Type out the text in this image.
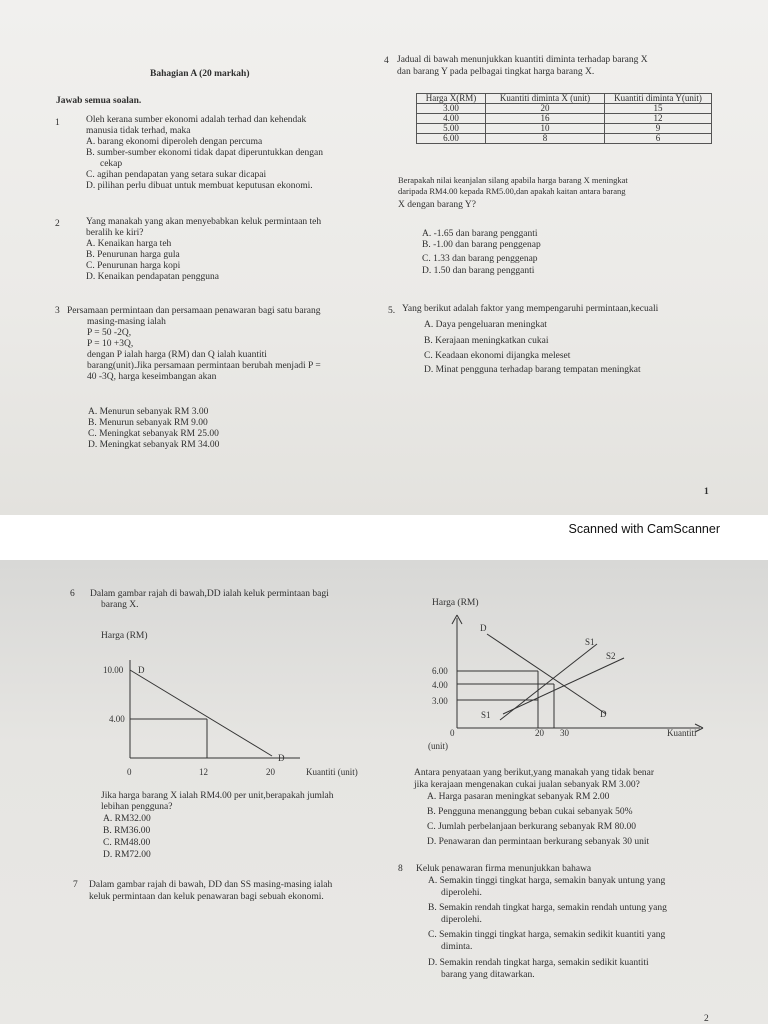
Bahagian A (20 markah)
Jawab semua soalan.
1	Oleh kerana sumber ekonomi adalah terhad dan kehendak
manusia tidak terhad, maka
A. barang ekonomi diperoleh dengan percuma
B. sumber-sumber ekonomi tidak dapat diperuntukkan dengan
cekap
C. agihan pendapatan yang setara sukar dicapai
D. pilihan perlu dibuat untuk membuat keputusan ekonomi.
2	Yang manakah yang akan menyebabkan keluk permintaan teh
beralih ke kiri?
A. Kenaikan harga teh
B. Penurunan harga gula
C. Penurunan harga kopi
D. Kenaikan pendapatan pengguna
3 Persamaan permintaan dan persamaan penawaran bagi satu barang
masing-masing ialah
P = 50 -2Q,
P = 10 +3Q,
dengan P ialah harga (RM) dan Q ialah kuantiti
barang(unit).Jika persamaan permintaan berubah menjadi P =
40 -3Q, harga keseimbangan akan
A. Menurun sebanyak RM 3.00
B. Menurun sebanyak RM 9.00
C. Meningkat sebanyak RM 25.00
D. Meningkat sebanyak RM 34.00
4 Jadual di bawah menunjukkan kuantiti diminta terhadap barang X
dan barang Y pada pelbagai tingkat harga barang X.
Harga X(RM)	Kuantiti diminta X (unit)	Kuantiti diminta Y(unit)
3.00	20	15
4.00	16	12
5.00	10	9
6.00	8	6
Berapakah nilai keanjalan silang apabila harga barang X meningkat
daripada RM4.00 kepada RM5.00,dan apakah kaitan antara barang
X dengan barang Y?
A. -1.65 dan barang pengganti
B. -1.00 dan barang penggenap
C. 1.33 dan barang penggenap
D. 1.50 dan barang pengganti
5. Yang berikut adalah faktor yang mempengaruhi permintaan,kecuali
A. Daya pengeluaran meningkat
B. Kerajaan meningkatkan cukai
C. Keadaan ekonomi dijangka meleset
D. Minat pengguna terhadap barang tempatan meningkat
1
Scanned with CamScanner
6 Dalam gambar rajah di bawah,DD ialah keluk permintaan bagi
barang X.
Harga (RM)
10.00
4.00
D
D
0	12	20	Kuantiti (unit)
Harga (RM)
6.00
4.00
3.00
D
D
S1
S2
S1
0	20 30	Kuantiti
(unit)
Jika harga barang X ialah RM4.00 per unit,berapakah jumlah
lebihan pengguna?
A. RM32.00
B. RM36.00
C. RM48.00
D. RM72.00
Antara penyataan yang berikut,yang manakah yang tidak benar
jika kerajaan mengenakan cukai jualan sebanyak RM 3.00?
A. Harga pasaran meningkat sebanyak RM 2.00
B. Pengguna menanggung beban cukai sebanyak 50%
C. Jumlah perbelanjaan berkurang sebanyak RM 80.00
D. Penawaran dan permintaan berkurang sebanyak 30 unit
7 Dalam gambar rajah di bawah, DD dan SS masing-masing ialah
keluk permintaan dan keluk penawaran bagi sebuah ekonomi.
8 Keluk penawaran firma menunjukkan bahawa
A. Semakin tinggi tingkat harga, semakin banyak untung yang
diperolehi.
B. Semakin rendah tingkat harga, semakin rendah untung yang
diperolehi.
C. Semakin tinggi tingkat harga, semakin sedikit kuantiti yang
diminta.
D. Semakin rendah tingkat harga, semakin sedikit kuantiti
barang yang ditawarkan.
2
